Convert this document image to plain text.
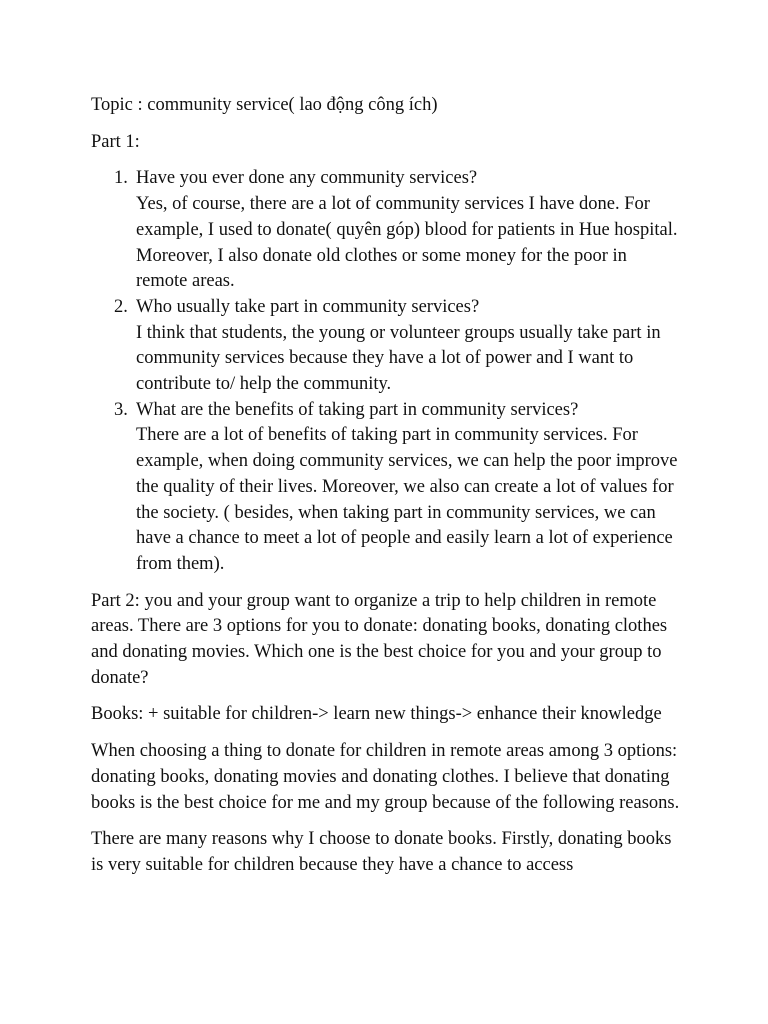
Topic : community service( lao động công ích)

Part 1:

1. Have you ever done any community services?
Yes, of course, there are a lot of community services I have done. For example, I used to donate( quyên góp) blood for patients in Hue hospital. Moreover, I also donate old clothes or some money for the poor in remote areas.
2. Who usually take part in community services?
I think that students, the young or volunteer groups usually take part in community services because they have a lot of power and I want to contribute to/ help the community.
3. What are the benefits of taking part in community services?
There are a lot of benefits of taking part in community services. For example, when doing community services, we can help the poor improve the quality of their lives. Moreover, we also can create a lot of values for the society. ( besides, when taking part in community services, we can have a chance to meet a lot of people and easily learn a lot of experience from them).

Part 2: you and your group want to organize a trip to help children in remote areas. There are 3 options for you to donate: donating books, donating clothes and donating movies. Which one is the best choice for you and your group to donate?

Books: + suitable for children-> learn new things-> enhance their knowledge

When choosing a thing to donate for children in remote areas among 3 options: donating books, donating movies and donating clothes. I believe that donating books is the best choice for me and my group because of the following reasons.

There are many reasons why I choose to donate books. Firstly, donating books is very suitable for children because they have a chance to access
